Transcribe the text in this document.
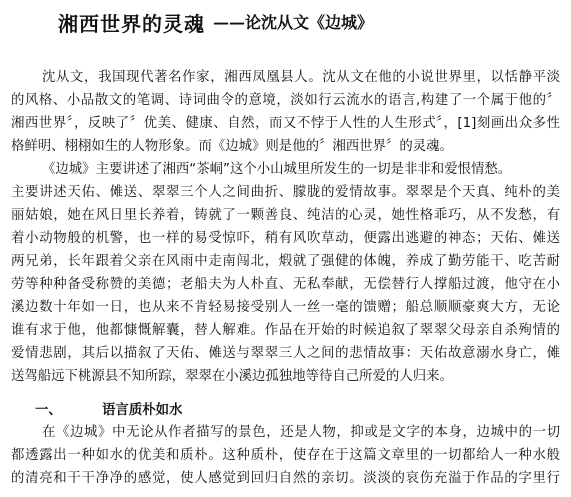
湘西世界的灵魂 ——论沈从文《边城》
沈从文，我国现代著名作家，湘西凤凰县人。沈从文在他的小说世界里，以恬静平淡
的风格、小品散文的笔调、诗词曲令的意境，淡如行云流水的语言,构建了一个属于他的〞
湘西世界〞，反映了〞优美、健康、自然，而又不悖于人性的人生形式〞，[1]刻画出众多性
格鲜明、栩栩如生的人物形象。而《边城》则是他的〞湘西世界〞的灵魂。
《边城》主要讲述了湘西“茶峒”这个小山城里所发生的一切是非非和爱恨情愁。
主要讲述天佑、傩送、翠翠三个人之间曲折、朦胧的爱情故事。翠翠是个天真、纯朴的美
丽姑娘，她在风日里长养着，铸就了一颗善良、纯洁的心灵，她性格乖巧，从不发愁，有
着小动物般的机警，也一样的易受惊吓，稍有风吹草动，便露出逃避的神态；天佑、傩送
两兄弟，长年跟着父亲在风雨中走南闯北，煅就了强健的体魄，养成了勤劳能干、吃苦耐
劳等种种备受称赞的美德；老船夫为人朴直、无私奉献，无偿替行人撑船过渡，他守在小
溪边数十年如一日，也从来不肯轻易接受别人一丝一毫的馈赠；船总顺顺豪爽大方，无论
谁有求于他，他都慷慨解囊，替人解难。作品在开始的时候追叙了翠翠父母亲自杀殉情的
爱情悲剧，其后以描叙了天佑、傩送与翠翠三人之间的悲情故事：天佑故意溺水身亡，傩
送驾船远下桃源县不知所踪，翠翠在小溪边孤独地等待自己所爱的人归来。
一、	语言质朴如水
在《边城》中无论从作者描写的景色，还是人物，抑或是文字的本身，边城中的一切
都透露出一种如水的优美和质朴。这种质朴，使存在于这篇文章里的一切都给人一种水般
的清亮和干干净净的感觉，使人感觉到回归自然的亲切。淡淡的哀伤充溢于作品的字里行
